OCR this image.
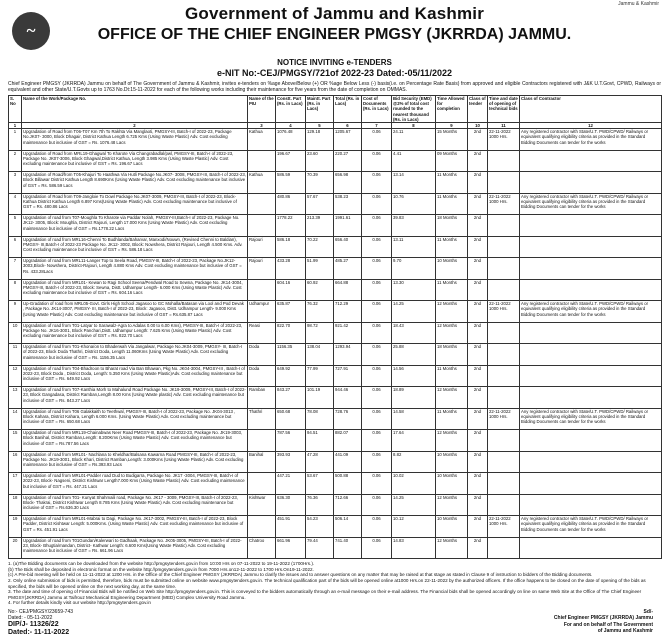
~
Jammu & Kashmir
Government of Jammu and Kashmir
OFFICE OF THE CHIEF ENGINEER PMGSY (JKRRDA) JAMMU.
NOTICE INVITING e-TENDERS
e-NIT No:-CEJ/PMGSY/721of 2022-23 Dated:-05/11/2022
Chief Engineer PMGSY (JKRRDA) Jammu on behalf of The Government of Jammu & Kashmir, invites e-tenders on %age Above/Below (+) OR %age Below Less (-) basis(i.e. on Percentage Rate Basis) from approved and eligible Contractors registered with J&K U.T.Govt, CPWD, Railways or equivalent and other State/U.T.Govts up to 1763 No.Dt:15-11-2022 for each of the following works including their maintenance for five years from the date of completion on OMMAS.
S. No	Name of the Work/Package No.	Name of the PIU	Constt. Part (Rs. in Lacs)	Maintt. Part (Rs. in Lacs)	Total (Rs. in Lacs)	Cost of Documents (Rs. in Lacs)	Bid Security (EMD) @2% of total cost rounded to the nearest thousand (Rs. in Lacs)	Time Allowed for completion	Class of tender	Time and date of opening of technical bids	Class of Contractor
1	2	3	4	5	6	7	8	9	10	11	12
1	Upgradation of Road from T06-T07 Km 7th To Rakhta Via Manglaoti, PMGSY-III, Batch-I of 2022-23, Package No.JK07- 3000, Block Dhagair, District Kathua Length 6.725 Kms (Using Waste Plastic) Adv. Cost excluding maintenance but inclusive of GST = Rs. 1076.48 Lacs	Kathua	1076.48	129.18	1205.67	0.06	24.11	15 Months	2nd	22-11-2022 1000 Hrs.	Any registered contractor with State/U.T. PWD/CPWD/ Railways or equivalent qualifying eligibility criteria as provided in the Standard Bidding Documents can tender for the works
2	Upgradation of Road from MRL19-Ghagwal To Kharote Via Changrabadlal/pwl, PMGSY-III, Batch-I of 2022-23, Package No. JK07-3006, Block Ghagwal,District Kathua, Length 3.985 Kms (Using Waste Plastic) Adv. Cost excluding maintenance but inclusive of GST = Rs. 196.67 Lacs		196.67	23.60	220.27	0.06	4.41	09 Months	2nd		
3	Upgradation of Road/from T05-Khajuri To Haathwa Via Hutli Package No.JK07- 3008, PMGSY-III, Batch-I of 2022-23, Block Billawar District Kathua Length 8.690Kms (Using Waste Plastic) Adv. Cost excluding maintenance but inclusive of GST = Rs. 586.59 Lacs	Kathua	586.59	70.39	656.98	0.06	13.14	11 Months	2nd		
4	Upgradation of Road from T09-Jangloie To Dowl Package No.JK07-3009, PMGSY-III, Batch-I of 2022-23, Block- Kathua District Kathua Length 6.897 Kms(Using Waste Plastic) Adv. Cost excluding maintenance but inclusive of GST = Rs. 480.86 Lacs		480.86	57.67	538.23	0.06	10.76	11 Months	2nd	22-11-2022 1000 Hrs.	Any registered contractor with State/U.T. PWD/CPWD/ Railways or equivalent qualifying eligibility criteria as provided in the Standard Bidding Documents can tender for the works
5	Upgradation of road from T07-Moughla To Kharote via Paddar Nolah, PMGSY-III,Batch-I of 2022-23, Package No. JK12- 3005, Block: Moughla, District Rajouri, Length 17.000 Kms (Using Waste Plastic) Adv. Cost excluding maintenance but inclusive of GST = Rs.1778.22 Lacs		1778.22	213.39	1991.61	0.06	39.83	18 Months	2nd		
6	Upgradation of road from MRL16-Chenni To Budhlanda/Baharvar, Manxodi/Nouwn, (Revised Chenni to Baldian), PMGSY- III,Batch-I of 2022-23 Package No. JK12- 3002, Block: Nowshera, District Rajouri, Length 4.500 Kms. Adv. Cost excluding maintenance but inclusive of GST = Rs. 586.18 Lacs	Rajouri	586.18	70.22	656.40	0.06	13.11	11 Months	2nd		
7	Upgradation of road from MRL11-Langer Top to Seela Road, PMGSY-III, Batch-I of 2022-23, Package No.JK12-3003,Block- Nowshera, District-Rajouri, Length 4.880 Kms Adv. Cost excluding maintenance but inclusive of GST = Rs. 433.28Lacs	Rajouri	433.28	51.99	485.27	0.06	9.70	10 Months	2nd		
8	Upgradation of road from MRL01- Kewan to Ragi School Seena/Pendwal Road to Sewna, Package No. JK14-3004, PMGSY-III, Batch-I of 2022-23, Block: Sewna, Distt. Udhampur Length- 6.000 Kms (Using Waste Plastic) Adv. Cost excluding maintenance but inclusive of GST = Rs. 604.16 Lacs		604.16	60.92	664.88	0.06	13.30	11 Months	2nd		
9	Up-Gradation of road from MRL05-Govt. Girls High School Jagasoo to GC Mohalla/Batasan via Lool and Pod Devak , Package No. JK14-3007, PMGSY- III, Batch-I of 2022-23, Block: Jagasoo, Distt. Udhampur Length- 9.000 Kms (Using Waste Plastic) Adv. Cost excluding maintenance but inclusive of GST = Rs.635.87 Lacs	Udhampur	635.87	76.32	712.29	0.06	14.25	12 Months	2nd	22-11-2022 1000 Hrs.	Any registered contractor with State/U.T. PWD/CPWD/ Railways or equivalent qualifying eligibility criteria as provided in the Standard Bidding Documents can tender for the works
10	Upgradation of road from T01-Latyar to Sarawalz-Agra to Adalas 0.00 to 6.00 Kms), PMGSY-III, Batch-I of 2022-23, Package No. JK16-3001, Block Panchari,Distt. Udhampur Length: 7.625 Kms (Using Waste Plastic) Adv. Cost excluding maintenance but inclusive of GST = Rs. 822.70 Lacs	Reasi	822.70	98.72	921.42	0.06	18.43	12 Months	2nd		
11	Upgradation of road from T01-Khona/on to Bhaderwah Via Jangalwar, Package No.JK04-3009, PMGSY- III, Batch-I of 2022-23, Block Doda Thathri, District Doda, Length 11.060Kms (Using Waste Plastic) Adv. Cost excluding maintenance but inclusive of GST = Rs. 1156.35 Lacs	Doda	1156.35	138.04	1293.94	0.06	25.88	18 Months	2nd		
12	Upgradation of road from T04-Bhadroon to Bharat road Via Ban Bhawan, Pkg No. JK04-3004, PMGSY-III , Batch-I of 2022-23, Block Doda , District Doda, Length: 5.350 Kms (Using Waste Plastic)Adv. Cost excluding maintenance but inclusive of GST = Rs. 649.92 Lacs	Doda	649.92	77.99	727.91	0.06	14.56	11 Months	2nd		
13	Upgradation of road from T07-Kanthia Morh to Mahalund Road Package No. JK19-3009, PMGSY-III, Batch-I of 2022-23, Block Gangadasa, District Ramban,Length 8.00 Kms (Using Waste plastic) Adv. Cost excluding maintenance but inclusive of GST = Rs. 843.27 Lacs	Ramban	843.27	101.19	944.46	0.06	18.89	12 Months	2nd		
14	Upgradation of road from T06 Galakkaith to Teethwal, PMGSY-III, Batch-I of 2022-23, Package No. JK04-3013 , Block Kahara, District Kahara, Length 6.000 Kms. (Using Waste Plastic) Adv. Cost excluding maintenance but inclusive of GST = Rs. 650.68 Lacs	Thathri	650.68	78.08	728.76	0.06	14.58	11 Months	2nd	22-11-2022 1000 Hrs.	Any registered contractor with State/U.T. PWD/CPWD/ Railways or equivalent qualifying eligibility criteria as provided in the Standard Bidding Documents can tender for the works
15	Upgradation of road from MRL19-Chainabwas Neer Road PMGSY-III, Batch-I of 2022-23, Package No. JK19-3003, Block Banihal, District Ramban,Length: 8.200Kms (Using Waste Plastic) Adv. Cost excluding maintenance but inclusive of GST = Rs.787.56 Lacs		787.56	94.51	882.07	0.06	17.64	12 Months	2nd		
16	Upgradation of road from MRL01- Nachlana to Kheldhar/Balsana Kawarna Road PMGSY-III, Batch-I of 2022-23, Package No. JK19-3001, Block Khari, District Ramban,Length: 3.000Kms (Using Waste Plastic) Adv. Cost excluding maintenance but inclusive of GST = Rs.393.93 Lacs	Banihal	393.93	47.28	441.09	0.06	8.82	10 Months	2nd		
17	Upgradation of road from MRL01-Padder road Dud to Budigarra, Package No. JK17 -3004, PMGSY-III, Batch-I of 2022-23, Block- Nagseni, District Kishtwar Length7.000 Kms (Using Waste Plastic) Adv. Cost excluding maintenance but inclusive of GST = Rs. 447.21 Lacs		447.21	53.67	500.88	0.06	10.02	10 Months	2nd		
18	Upgradation of road from T01- Kunyat Shahmaili road, Package No. JK17 - 3009, PMGSY-III, Batch-I of 2022-23, Block- Thakrai, District Kishtwar Length 8.785 Kms (Using Waste Plastic) Adv. Cost excluding maintenance but inclusive of GST = Rs.636.30 Lacs	Kishtwar	636.30	76.36	712.66	0.06	14.25	12 Months	2nd		
19	Upgradation of road from MRL01-Mabrai to Dagi, Package No. JK17-3002, PMGSY-III, Batch-I of 2022-23, Block Padder, District Kishtwar Length: 5.000Kms. (Using Waste Plastic) Adv. Cost excluding maintenance but inclusive of GST = Rs. 451.91 Lacs		451.91	54.23	506.14	0.06	10.12	10 Months	2nd	22-11-2022 1000 Hrs.	Any registered contractor with State/U.T. PWD/CPWD/ Railways or equivalent qualifying eligibility criteria as provided in the Standard Bidding Documents can tender for the works
20	Upgradation of road from T01Gundan/Kalerwari to Gadhaak, Package No. JK05-3005, PMGSY-III, Batch-I of 2022-23, Block- Bhugtia/mandan, District- Kathwar Length: 6.600 Kms(Using Waste Plastic) Adv. Cost excluding maintenance but inclusive of GST = Rs. 661.96 Lacs	Chatroo	661.96	79.44	741.40	0.06	14.83	12 Months	2nd		
1. (a)The Bidding documents can be downloaded from the website http://pmgsytenders.gov.in from 10:00 Hrs on 07-11-2022 to 19-11-2022 (1700Hrs.).
(b) The Bids shall be deposited in electronic format on the website http://pmgsytenders.gov.in from 7000 Hrs.on12-11-2022 to 1700 Hrs.On19-11-2022.
(c) A Pre-bid meeting will be held on 11-11-2022 at 1200 Hrs. in the Office of the Chief Engineer PMGSY (JKRRDA) Jammu to clarify the issues and to answer questions on any matter that may be raised at that stage as stated in Clause 9 of instruction to bidders of the Bidding documents.
2. Only online submission of bids is permitted, therefore, bids must be submitted online on website www.pmgsytenders.gov.in. The technical qualification part of the bids will be opened online at1000 Hrs.on 22-11-2022 by the authorized officers. If the office happens to be closed on the date of opening of the bids as specified, the bids will be opened online on the next working day, at the same time.
3. The date and time of opening of Financial Bids will be notified on Web Site http://pmgsytenders.gov.in. This is conveyed to the bidders automatically through an e-mail message on their e-mail address. The Financial bids shall be opened accordingly on line on same Web Site at the Office of The Chief Engineer PMGSY(JKRRDA) Jammu at Taifrouz Mechanical Engineering Department (MED) Complex University Road Jammu.
4. For further details kindly visit our website http://pmgsytenders.gov.in
No:- CEJ/PMGSY/23659-743
Dated: - 05-11-2022
DIP/J- 11326/22
Dated:- 11-11-2022
Sd/-
Chief Engineer PMGSY (JKRRDA) Jammu
For and on behalf of The Government
of Jammu and Kashmir
